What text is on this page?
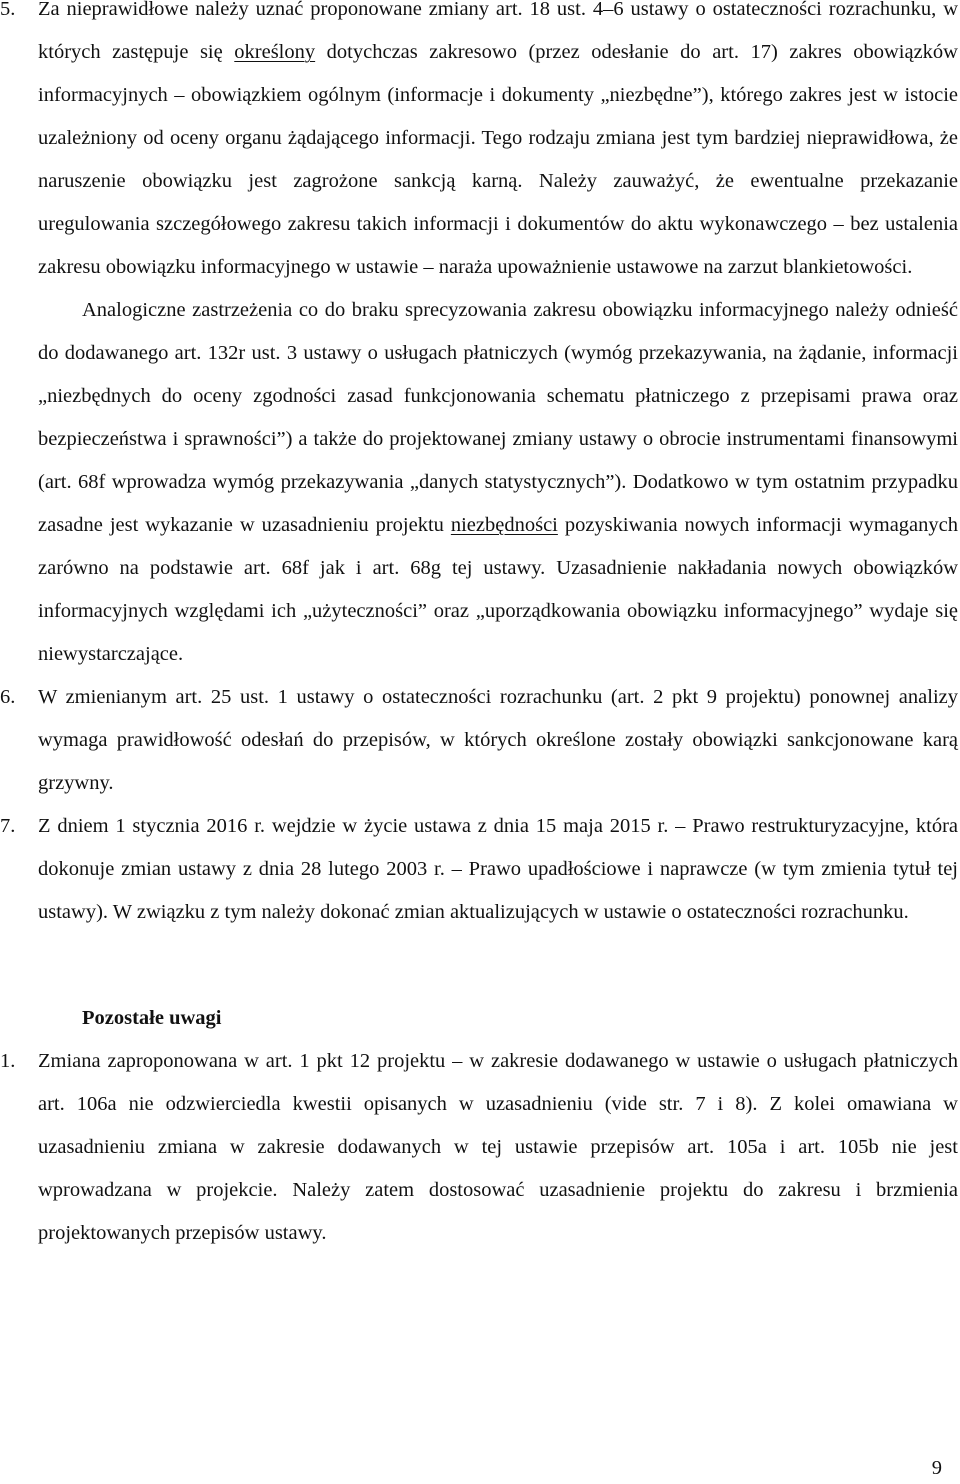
5. Za nieprawidłowe należy uznać proponowane zmiany art. 18 ust. 4–6 ustawy o ostateczności rozrachunku, w których zastępuje się określony dotychczas zakresowo (przez odesłanie do art. 17) zakres obowiązków informacyjnych – obowiązkiem ogólnym (informacje i dokumenty „niezbędne”), którego zakres jest w istocie uzależniony od oceny organu żądającego informacji. Tego rodzaju zmiana jest tym bardziej nieprawidłowa, że naruszenie obowiązku jest zagrożone sankcją karną. Należy zauważyć, że ewentualne przekazanie uregulowania szczegółowego zakresu takich informacji i dokumentów do aktu wykonawczego – bez ustalenia zakresu obowiązku informacyjnego w ustawie – naraża upoważnienie ustawowe na zarzut blankietowości.
Analogiczne zastrzeżenia co do braku sprecyzowania zakresu obowiązku informacyjnego należy odnieść do dodawanego art. 132r ust. 3 ustawy o usługach płatniczych (wymóg przekazywania, na żądanie, informacji „niezbędnych do oceny zgodności zasad funkcjonowania schematu płatniczego z przepisami prawa oraz bezpieczeństwa i sprawności”) a także do projektowanej zmiany ustawy o obrocie instrumentami finansowymi (art. 68f wprowadza wymóg przekazywania „danych statystycznych”). Dodatkowo w tym ostatnim przypadku zasadne jest wykazanie w uzasadnieniu projektu niezbędności pozyskiwania nowych informacji wymaganych zarówno na podstawie art. 68f jak i art. 68g tej ustawy. Uzasadnienie nakładania nowych obowiązków informacyjnych względami ich „użyteczności” oraz „uporządkowania obowiązku informacyjnego” wydaje się niewystarczające.
6. W zmienianym art. 25 ust. 1 ustawy o ostateczności rozrachunku (art. 2 pkt 9 projektu) ponownej analizy wymaga prawidłowość odesłań do przepisów, w których określone zostały obowiązki sankcjonowane karą grzywny.
7. Z dniem 1 stycznia 2016 r. wejdzie w życie ustawa z dnia 15 maja 2015 r. – Prawo restrukturyzacyjne, która dokonuje zmian ustawy z dnia 28 lutego 2003 r. – Prawo upadłościowe i naprawcze (w tym zmienia tytuł tej ustawy). W związku z tym należy dokonać zmian aktualizujących w ustawie o ostateczności rozrachunku.
Pozostałe uwagi
1. Zmiana zaproponowana w art. 1 pkt 12 projektu – w zakresie dodawanego w ustawie o usługach płatniczych art. 106a nie odzwierciedla kwestii opisanych w uzasadnieniu (vide str. 7 i 8). Z kolei omawiana w uzasadnieniu zmiana w zakresie dodawanych w tej ustawie przepisów art. 105a i art. 105b nie jest wprowadzana w projekcie. Należy zatem dostosować uzasadnienie projektu do zakresu i brzmienia projektowanych przepisów ustawy.
9
